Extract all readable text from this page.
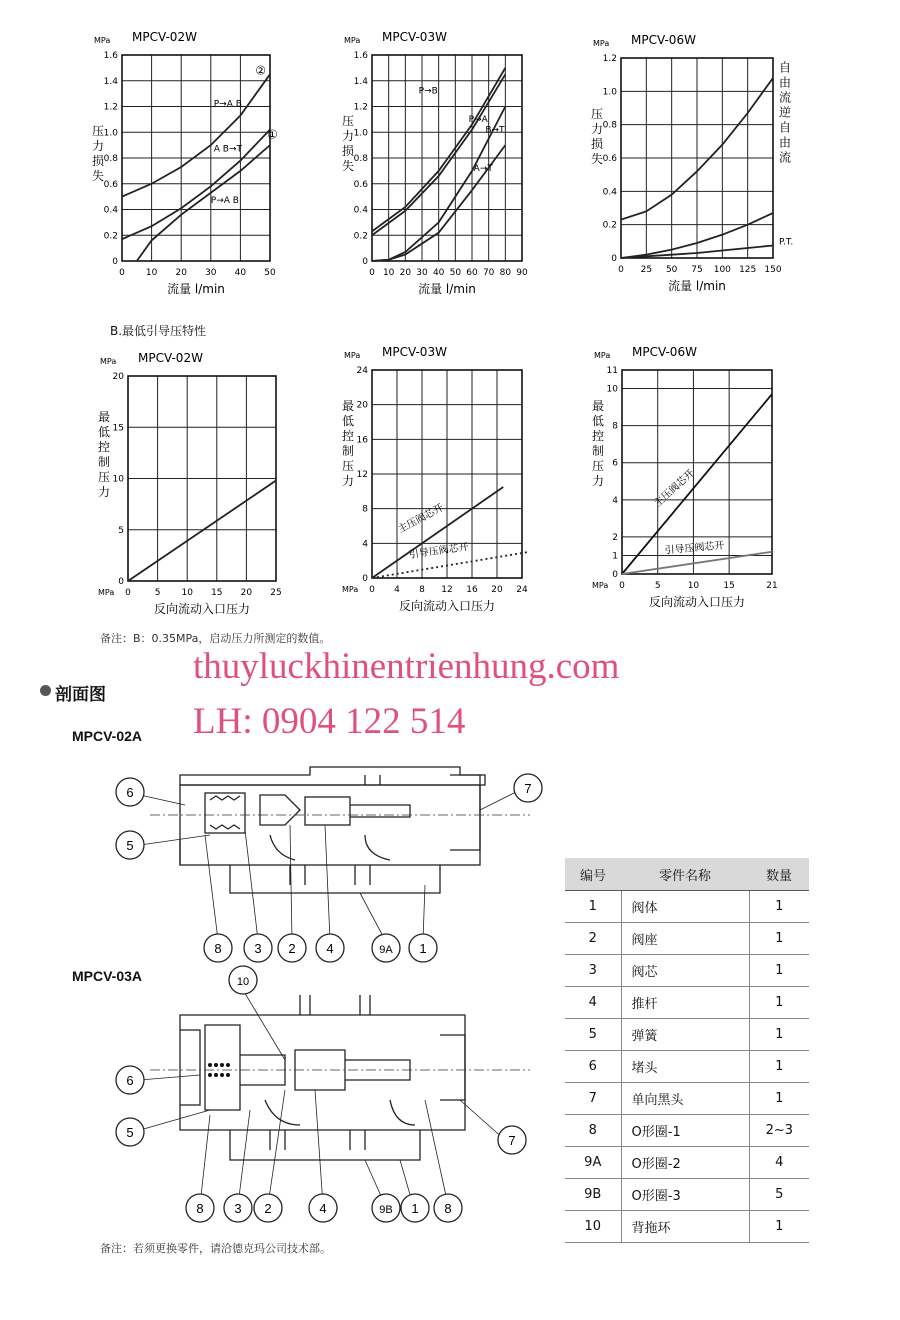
MPCV-02W
MPa
0 10 20 30 40 50
0
0.2
0.4
0.6
0.8
1.0
1.2
1.4
1.6
流量 l/min
压力损失
②
P→A B
A B→T
①
P→A B
MPCV-03W
MPa
0 10 20 30 40 50 60 70 80 90
0
0.2
0.4
0.6
0.8
1.0
1.2
1.4
1.6
流量 l/min
压力损失
P→B
P→A
B→T
A→T
MPCV-06W
MPa
0 25 50 75 100 125 150
0
0.2
0.4
0.6
0.8
1.0
1.2
流量 l/min
压力损失
自由流
逆自由流
P.T.
B.最低引导压特性
MPCV-02W
MPa
0	5 10 15 20 25
0
5
10
15
20
MPa
反向流动入口压力
最低控制压力
MPCV-03W
MPa
0 4 8 12 16 20 24
0
4
8
12
16
20
24
MPa
反向流动入口压力
最低控制压力
主压阀芯开
引导压阀芯开
MPCV-06W
MPa
0	5	10	15	21
0
1
2
4
6
8
10
11
MPa
反向流动入口压力
最低控制压力	主压阀芯开
引导压阀芯开
备注：B：0.35MPa，启动压力所测定的数值。
剖面图
thuyluckhinentrienhung.com
LH: 0904 122 514
MPCV-02A
MPCV-03A
6
5
7
8	3 2 4	9A 1
10
6
5
7
8 3 2	4	9B 1 8
编号	零件名称	数量
1	阀体	1
2	阀座	1
3	阀芯	1
4	推杆	1
5	弹簧	1
6	堵头	1
7	单向黑头	1
8	O形圈-1	2~3
9A	O形圈-2	4
9B	O形圈-3	5
10	背拖环	1
备注：若须更换零件，请洽德克玛公司技术部。
